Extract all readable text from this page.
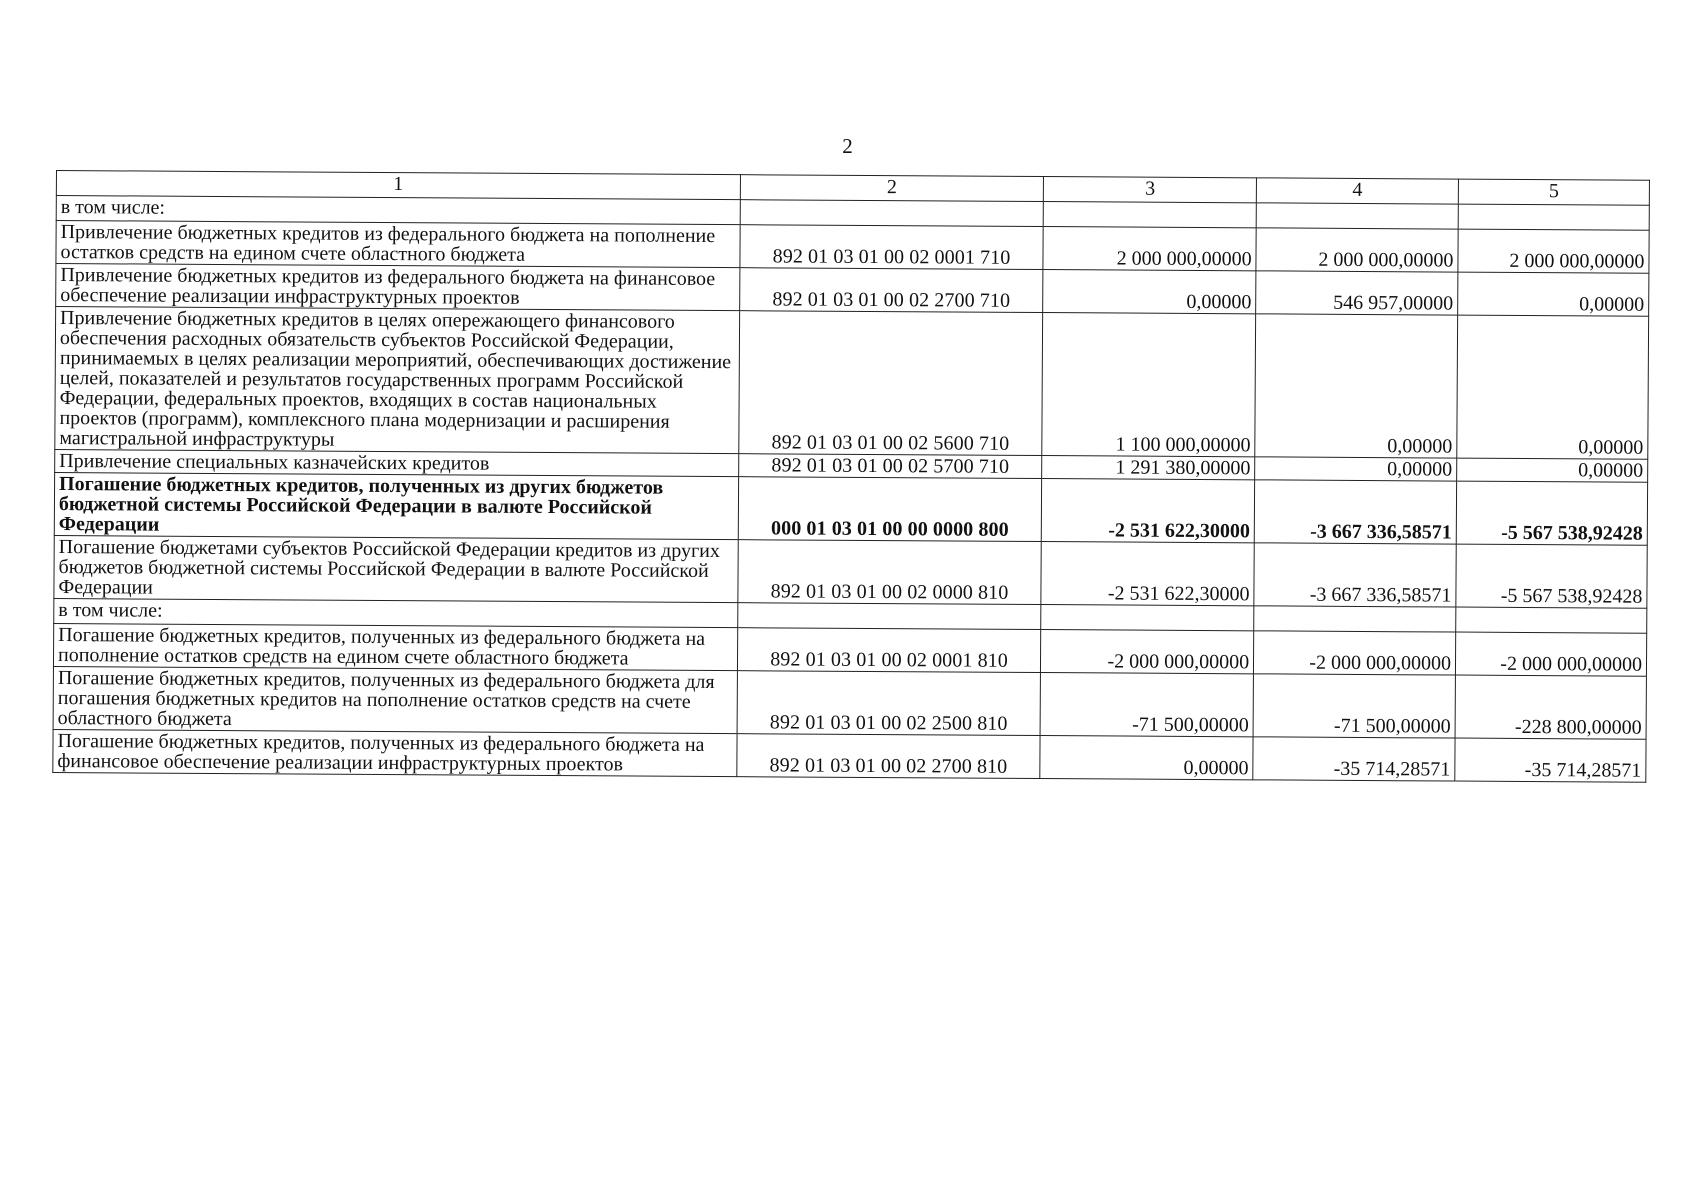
2
1	2	3	4	5
в том числе:				
Привлечение бюджетных кредитов из федерального бюджета на пополнение остатков средств на едином счете областного бюджета	892 01 03 01 00 02 0001 710	2 000 000,00000	2 000 000,00000	2 000 000,00000
Привлечение бюджетных кредитов из федерального бюджета на финансовое обеспечение реализации инфраструктурных проектов	892 01 03 01 00 02 2700 710	0,00000	546 957,00000	0,00000
Привлечение бюджетных кредитов в целях опережающего финансового обеспечения расходных обязательств субъектов Российской Федерации, принимаемых в целях реализации мероприятий, обеспечивающих достижение целей, показателей и результатов государственных программ Российской Федерации, федеральных проектов, входящих в состав национальных проектов (программ), комплексного плана модернизации и расширения магистральной инфраструктуры	892 01 03 01 00 02 5600 710	1 100 000,00000	0,00000	0,00000
Привлечение специальных казначейских кредитов	892 01 03 01 00 02 5700 710	1 291 380,00000	0,00000	0,00000
Погашение бюджетных кредитов, полученных из других бюджетов бюджетной системы Российской Федерации в валюте Российской Федерации	000 01 03 01 00 00 0000 800	-2 531 622,30000	-3 667 336,58571	-5 567 538,92428
Погашение бюджетами субъектов Российской Федерации кредитов из других бюджетов бюджетной системы Российской Федерации в валюте Российской Федерации	892 01 03 01 00 02 0000 810	-2 531 622,30000	-3 667 336,58571	-5 567 538,92428
в том числе:				
Погашение бюджетных кредитов, полученных из федерального бюджета на пополнение остатков средств на едином счете областного бюджета	892 01 03 01 00 02 0001 810	-2 000 000,00000	-2 000 000,00000	-2 000 000,00000
Погашение бюджетных кредитов, полученных из федерального бюджета для погашения бюджетных кредитов на пополнение остатков средств на счете областного бюджета	892 01 03 01 00 02 2500 810	-71 500,00000	-71 500,00000	-228 800,00000
Погашение бюджетных кредитов, полученных из федерального бюджета на финансовое обеспечение реализации инфраструктурных проектов	892 01 03 01 00 02 2700 810	0,00000	-35 714,28571	-35 714,28571
